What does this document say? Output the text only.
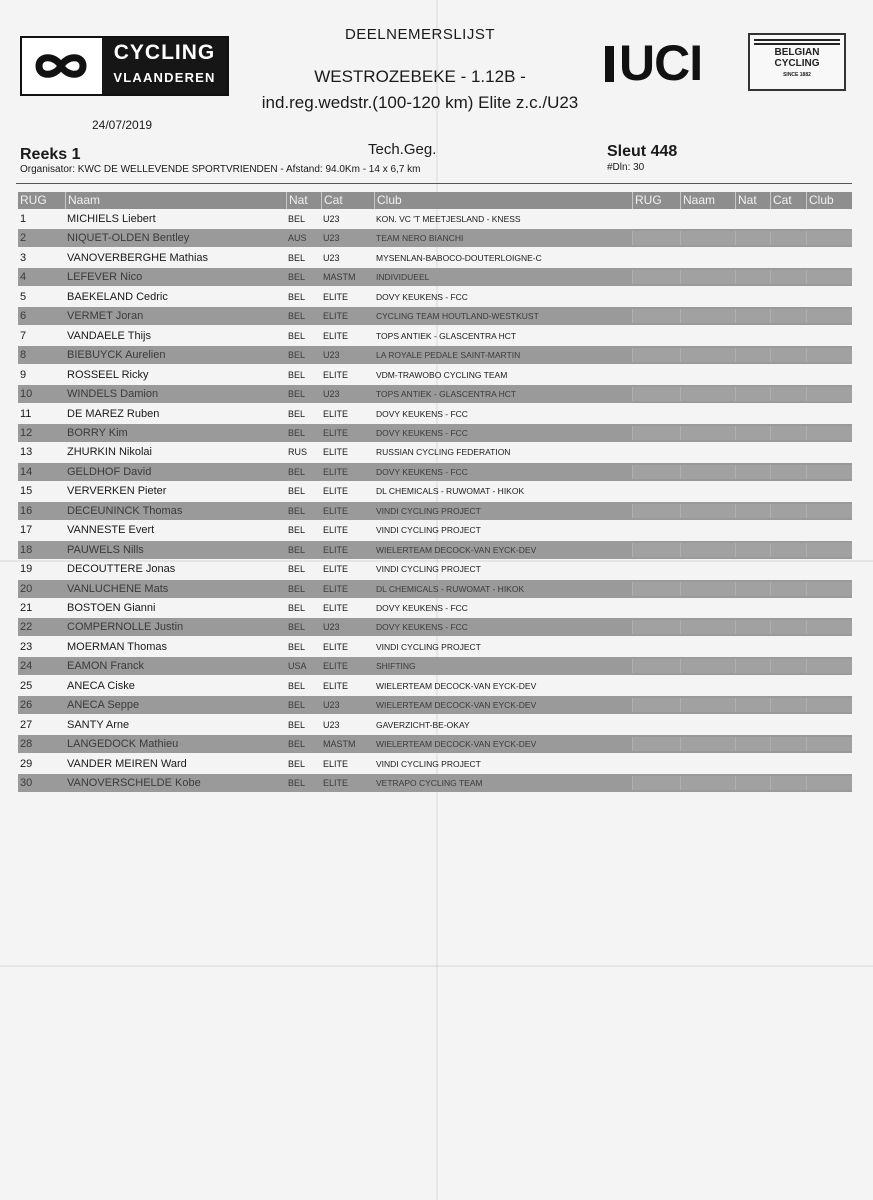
CYCLING
VLAANDEREN	UCI	BELGIAN
CYCLING
SINCE 1882
DEELNEMERSLIJST
WESTROZEBEKE - 1.12B -
ind.reg.wedstr.(100-120 km) Elite z.c./U23
24/07/2019
Tech.Geg.
Reeks 1	Sleut 448
#Dln: 30
Organisator: KWC DE WELLEVENDE SPORTVRIENDEN - Afstand: 94.0Km - 14 x 6,7 km
RUG	Naam	Nat	Cat	Club	RUG	Naam	Nat	Cat	Club
1	MICHIELS Liebert	BEL	U23	KON. VC 'T MEETJESLAND - KNESS
2	NIQUET-OLDEN Bentley	AUS	U23	TEAM NERO BIANCHI
3	VANOVERBERGHE Mathias	BEL	U23	MYSENLAN-BABOCO-DOUTERLOIGNE-C
4	LEFEVER Nico	BEL	MASTM	INDIVIDUEEL
5	BAEKELAND Cedric	BEL	ELITE	DOVY KEUKENS - FCC
6	VERMET Joran	BEL	ELITE	CYCLING TEAM HOUTLAND-WESTKUST
7	VANDAELE Thijs	BEL	ELITE	TOPS ANTIEK - GLASCENTRA HCT
8	BIEBUYCK Aurelien	BEL	U23	LA ROYALE PEDALE SAINT-MARTIN
9	ROSSEEL Ricky	BEL	ELITE	VDM-TRAWOBO CYCLING TEAM
10	WINDELS Damion	BEL	U23	TOPS ANTIEK - GLASCENTRA HCT
11	DE MAREZ Ruben	BEL	ELITE	DOVY KEUKENS - FCC
12	BORRY Kim	BEL	ELITE	DOVY KEUKENS - FCC
13	ZHURKIN Nikolai	RUS	ELITE	RUSSIAN CYCLING FEDERATION
14	GELDHOF David	BEL	ELITE	DOVY KEUKENS - FCC
15	VERVERKEN Pieter	BEL	ELITE	DL CHEMICALS - RUWOMAT - HIKOK
16	DECEUNINCK Thomas	BEL	ELITE	VINDI CYCLING PROJECT
17	VANNESTE Evert	BEL	ELITE	VINDI CYCLING PROJECT
18	PAUWELS Nills	BEL	ELITE	WIELERTEAM DECOCK-VAN EYCK-DEV
19	DECOUTTERE Jonas	BEL	ELITE	VINDI CYCLING PROJECT
20	VANLUCHENE Mats	BEL	ELITE	DL CHEMICALS - RUWOMAT - HIKOK
21	BOSTOEN Gianni	BEL	ELITE	DOVY KEUKENS - FCC
22	COMPERNOLLE Justin	BEL	U23	DOVY KEUKENS - FCC
23	MOERMAN Thomas	BEL	ELITE	VINDI CYCLING PROJECT
24	EAMON Franck	USA	ELITE	SHIFTING
25	ANECA Ciske	BEL	ELITE	WIELERTEAM DECOCK-VAN EYCK-DEV
26	ANECA Seppe	BEL	U23	WIELERTEAM DECOCK-VAN EYCK-DEV
27	SANTY Arne	BEL	U23	GAVERZICHT-BE-OKAY
28	LANGEDOCK Mathieu	BEL	MASTM	WIELERTEAM DECOCK-VAN EYCK-DEV
29	VANDER MEIREN Ward	BEL	ELITE	VINDI CYCLING PROJECT
30	VANOVERSCHELDE Kobe	BEL	ELITE	VETRAPO CYCLING TEAM
